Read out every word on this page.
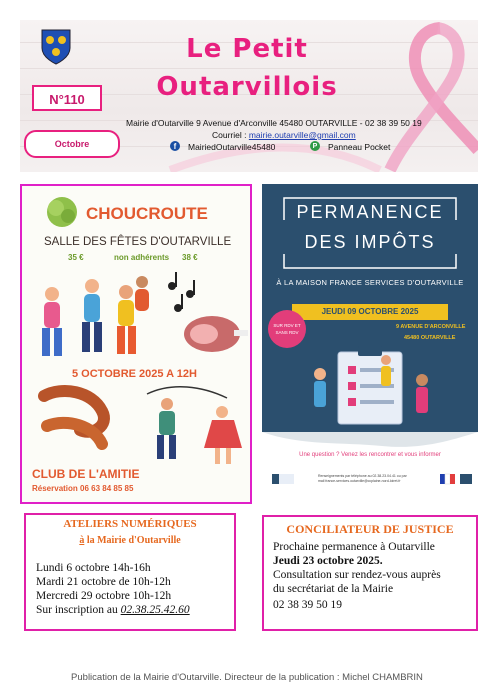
Le Petit
Outarvillois
N°110
Octobre
Mairie d'Outarville 9 Avenue d'Arconville 45480 OUTARVILLE - 02 38 39 50 19
Courriel : mairie.outarville@gmail.com
f	MairiedOutarville45480	P	Panneau Pocket
CHOUCROUTE
SALLE DES FÊTES D'OUTARVILLE
35 €	non adhérents 38 €
5 OCTOBRE 2025 A 12H
CLUB DE L'AMITIE
Réservation 06 63 84 85 85
PERMANENCE
DES IMPÔTS
À LA MAISON FRANCE SERVICES D'OUTARVILLE
JEUDI 09 OCTOBRE 2025
9 AVENUE D'ARCONVILLE
45480 OUTARVILLE
SUR RDV ET SANS RDV
Une question ? Venez les rencontrer et vous informer
Renseignements par téléphone au 02.38.23.04.41 ou par mail france-services.outarville@ccplaine-nord-loiret.fr
ATELIERS NUMÉRIQUES
à la Mairie d'Outarville
Lundi 6 octobre 14h-16h
Mardi 21 octobre de 10h-12h
Mercredi 29 octobre 10h-12h
Sur inscription au 02.38.25.42.60
CONCILIATEUR DE JUSTICE
Prochaine permanence à Outarville
Jeudi 23 octobre 2025.
Consultation sur rendez-vous auprès
du secrétariat de la Mairie
02 38 39 50 19
Publication de la Mairie d'Outarville. Directeur de la publication : Michel CHAMBRIN
